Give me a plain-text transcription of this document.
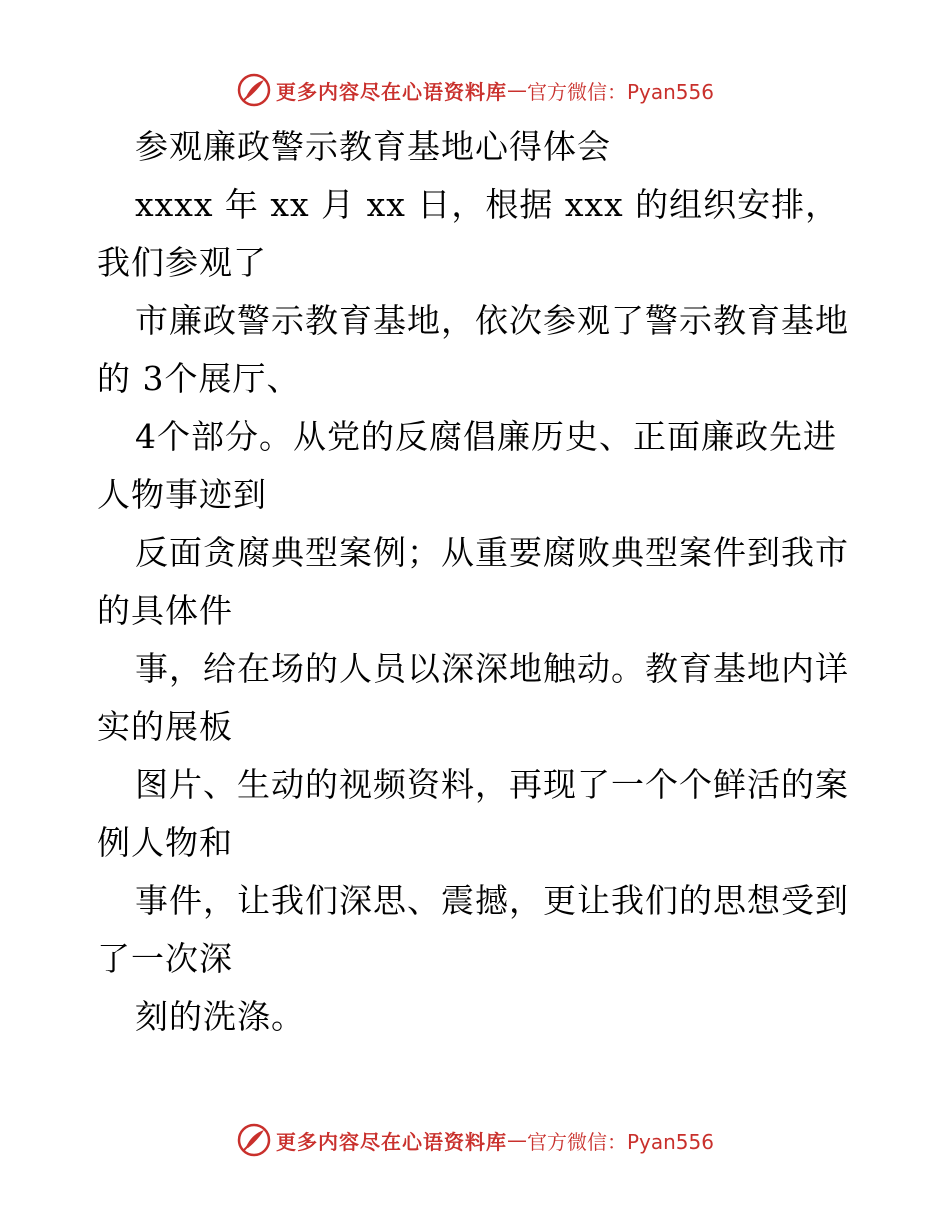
更多内容尽在心语资料库 — 官方微信：Pyan556
参观廉政警示教育基地心得体会
xxxx 年 xx 月 xx 日，根据 xxx 的组织安排，
我们参观了
市廉政警示教育基地，依次参观了警示教育基地
的 3个展厅、
4个部分。从党的反腐倡廉历史、正面廉政先进
人物事迹到
反面贪腐典型案例；从重要腐败典型案件到我市
的具体件
事，给在场的人员以深深地触动。教育基地内详
实的展板
图片、生动的视频资料，再现了一个个鲜活的案
例人物和
事件，让我们深思、震撼，更让我们的思想受到
了一次深
刻的洗涤。
更多内容尽在心语资料库 — 官方微信：Pyan556
